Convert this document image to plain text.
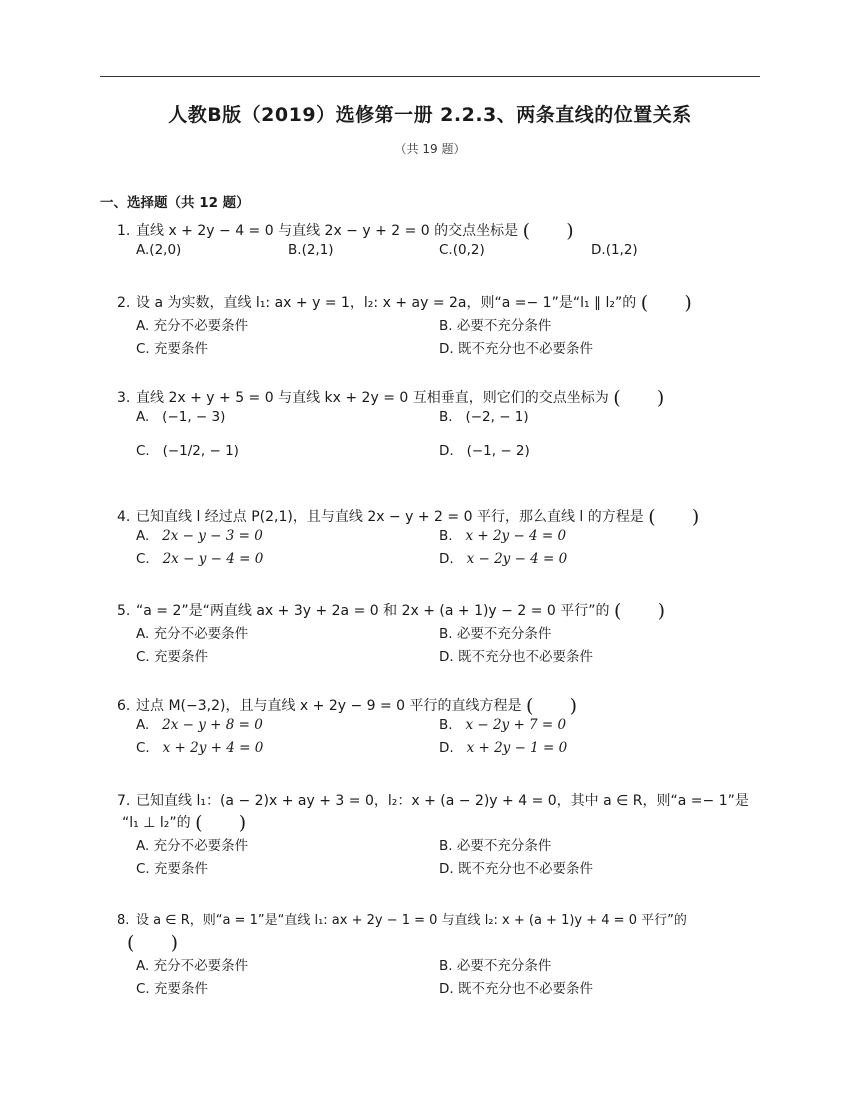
人教B版（2019）选修第一册 2.2.3、两条直线的位置关系
（共 19 题）
一、选择题（共 12 题）
1. 直线 x + 2y − 4 = 0 与直线 2x − y + 2 = 0 的交点坐标是 (      )
A.(2,0)	B.(2,1)	C.(0,2)	D.(1,2)
2. 设 a 为实数，直线 l₁: ax + y = 1，l₂: x + ay = 2a，则“a =− 1”是“l₁ ∥ l₂”的 (      )
A. 充分不必要条件	B. 必要不充分条件
C. 充要条件	D. 既不充分也不必要条件
3. 直线 2x + y + 5 = 0 与直线 kx + 2y = 0 互相垂直，则它们的交点坐标为 (      )
A. (−1, − 3)	B. (−2, − 1)
C. (−1/2, − 1)	D. (−1, − 2)
4. 已知直线 l 经过点 P(2,1)，且与直线 2x − y + 2 = 0 平行，那么直线 l 的方程是 (      )
A. 2x − y − 3 = 0	B. x + 2y − 4 = 0
C. 2x − y − 4 = 0	D. x − 2y − 4 = 0
5. “a = 2”是“两直线 ax + 3y + 2a = 0 和 2x + (a + 1)y − 2 = 0 平行”的 (      )
A. 充分不必要条件	B. 必要不充分条件
C. 充要条件	D. 既不充分也不必要条件
6. 过点 M(−3,2)，且与直线 x + 2y − 9 = 0 平行的直线方程是 (      )
A. 2x − y + 8 = 0	B. x − 2y + 7 = 0
C. x + 2y + 4 = 0	D. x + 2y − 1 = 0
7. 已知直线 l₁：(a − 2)x + ay + 3 = 0，l₂：x + (a − 2)y + 4 = 0，其中 a ∈ R，则“a =− 1”是
“l₁ ⊥ l₂”的 (      )
A. 充分不必要条件	B. 必要不充分条件
C. 充要条件	D. 既不充分也不必要条件
8. 设 a ∈ R，则“a = 1”是“直线 l₁: ax + 2y − 1 = 0 与直线 l₂: x + (a + 1)y + 4 = 0 平行”的
(      )
A. 充分不必要条件	B. 必要不充分条件
C. 充要条件	D. 既不充分也不必要条件
